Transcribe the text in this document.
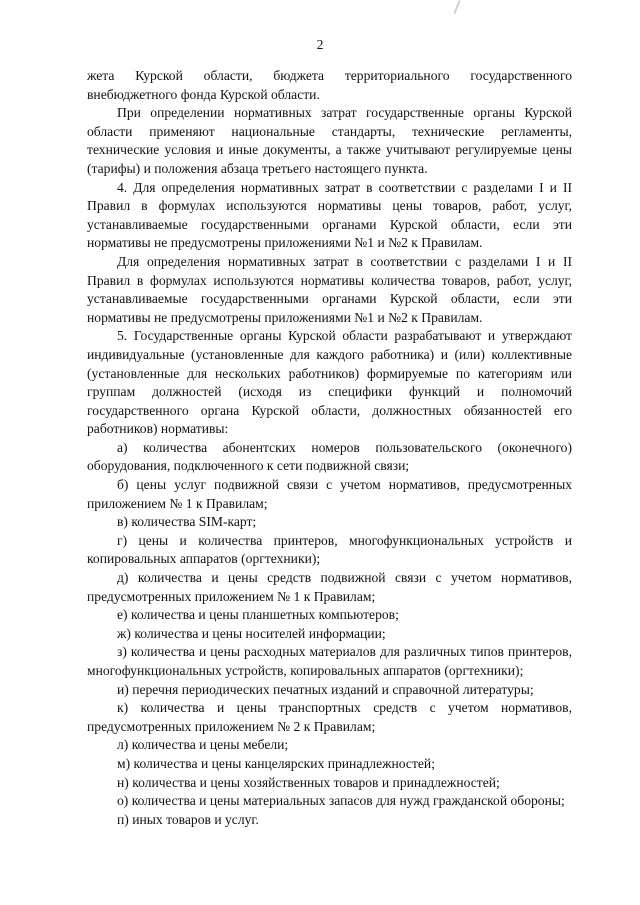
2

жета Курской области, бюджета территориального государственного внебюджетного фонда Курской области.

При определении нормативных затрат государственные органы Курской области применяют национальные стандарты, технические регламенты, технические условия и иные документы, а также учитывают регулируемые цены (тарифы) и положения абзаца третьего настоящего пункта.

4. Для определения нормативных затрат в соответствии с разделами I и II Правил в формулах используются нормативы цены товаров, работ, услуг, устанавливаемые государственными органами Курской области, если эти нормативы не предусмотрены приложениями №1 и №2 к Правилам.

Для определения нормативных затрат в соответствии с разделами I и II Правил в формулах используются нормативы количества товаров, работ, услуг, устанавливаемые государственными органами Курской области, если эти нормативы не предусмотрены приложениями №1 и №2 к Правилам.

5. Государственные органы Курской области разрабатывают и утверждают индивидуальные (установленные для каждого работника) и (или) коллективные (установленные для нескольких работников) формируемые по категориям или группам должностей (исходя из специфики функций и полномочий государственного органа Курской области, должностных обязанностей его работников) нормативы:

а) количества абонентских номеров пользовательского (оконечного) оборудования, подключенного к сети подвижной связи;

б) цены услуг подвижной связи с учетом нормативов, предусмотренных приложением № 1 к Правилам;

в) количества SIM-карт;

г) цены и количества принтеров, многофункциональных устройств и копировальных аппаратов (оргтехники);

д) количества и цены средств подвижной связи с учетом нормативов, предусмотренных приложением № 1 к Правилам;

е) количества и цены планшетных компьютеров;

ж) количества и цены носителей информации;

з) количества и цены расходных материалов для различных типов принтеров, многофункциональных устройств, копировальных аппаратов (оргтехники);

и) перечня периодических печатных изданий и справочной литературы;

к) количества и цены транспортных средств с учетом нормативов, предусмотренных приложением № 2 к Правилам;

л) количества и цены мебели;

м) количества и цены канцелярских принадлежностей;

н) количества и цены хозяйственных товаров и принадлежностей;

о) количества и цены материальных запасов для нужд гражданской обороны;

п) иных товаров и услуг.
